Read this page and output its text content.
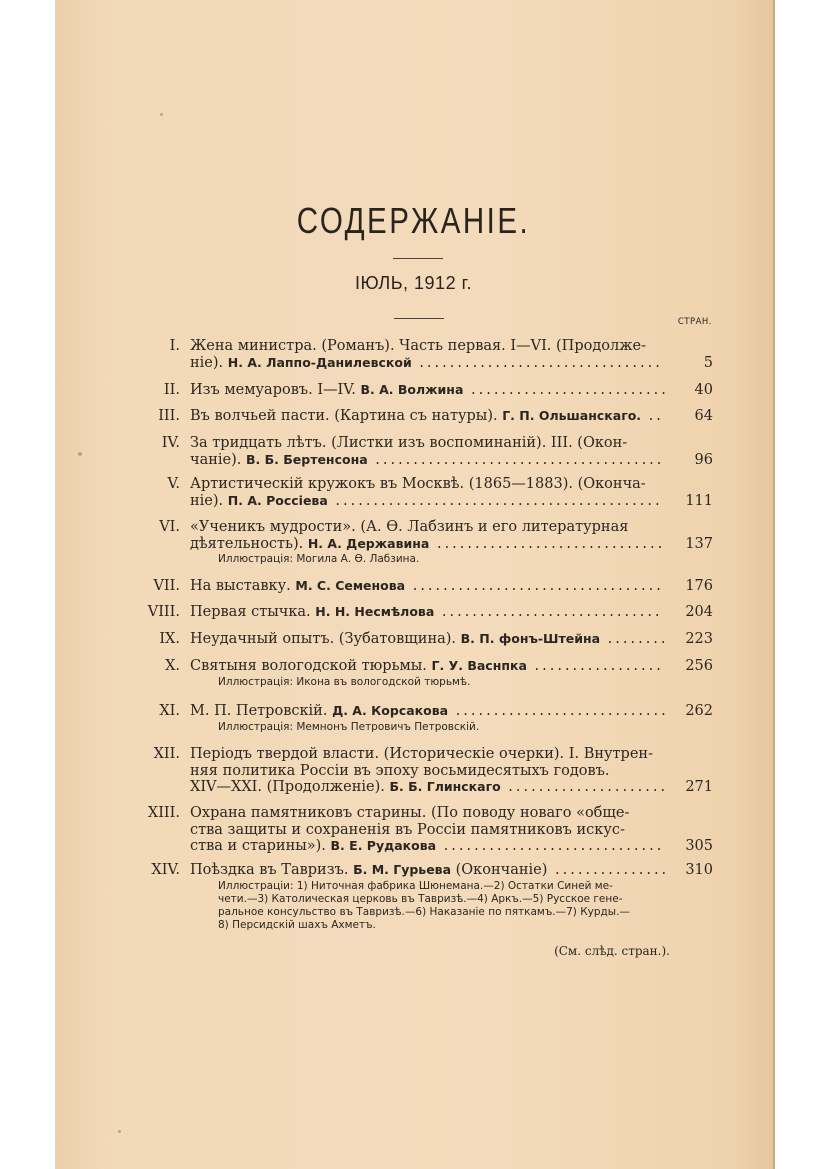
СОДЕРЖАНІЕ.
ІЮЛЬ, 1912 г.
СТРАН.
I. Жена министра. (Романъ). Часть первая. I—VI. (Продолже-
ніе). Н. А. Лаппо-Данилевской ................................	5
II. Изъ мемуаровъ. I—IV. В. А. Волжина ..........................	40
III. Въ волчьей пасти. (Картина съ натуры). Г. П. Ольшанскаго. ..	64
IV. За тридцать лѣтъ. (Листки изъ воспоминаній). III. (Окон-
чаніе). В. Б. Бертенсона ......................................	96
V. Артистическій кружокъ въ Москвѣ. (1865—1883). (Оконча-
ніе). П. А. Россіева ...........................................	111
VI. «Ученикъ мудрости». (А. Ѳ. Лабзинъ и его литературная
дѣятельность). Н. А. Державина ..............................	137
Иллюстрація: Могила А. Ѳ. Лабзина.
VII. На выставку. М. С. Семенова .................................	176
VIII. Первая стычка. Н. Н. Несмѣлова .............................	204
IX. Неудачный опытъ. (Зубатовщина). В. П. фонъ-Штейна ........	223
X. Святыня вологодской тюрьмы. Г. У. Васнпка .................	256
Иллюстрація: Икона въ вологодской тюрьмѣ.
XI. М. П. Петровскій. Д. А. Корсакова ............................	262
Иллюстрація: Мемнонъ Петровичъ Петровскій.
XII. Періодъ твердой власти. (Историческіе очерки). I. Внутрен-
няя политика Россіи въ эпоху восьмидесятыхъ годовъ.
XIV—XXI. (Продолженіе). Б. Б. Глинскаго .....................	271
XIII. Охрана памятниковъ старины. (По поводу новаго «обще-
ства защиты и сохраненія въ Россіи памятниковъ искус-
ства и старины»). В. Е. Рудакова .............................	305
XIV. Поѣздка въ Тавризъ. Б. М. Гурьева (Окончаніе) ...............	310
Иллюстраціи: 1) Ниточная фабрика Шюнемана.—2) Остатки Синей ме-
чети.—3) Католическая церковь въ Тавризѣ.—4) Аркъ.—5) Русское гене-
ральное консульство въ Тавризѣ.—6) Наказаніе по пяткамъ.—7) Курды.—
8) Персидскій шахъ Ахметъ.
(См. слѣд. стран.).
